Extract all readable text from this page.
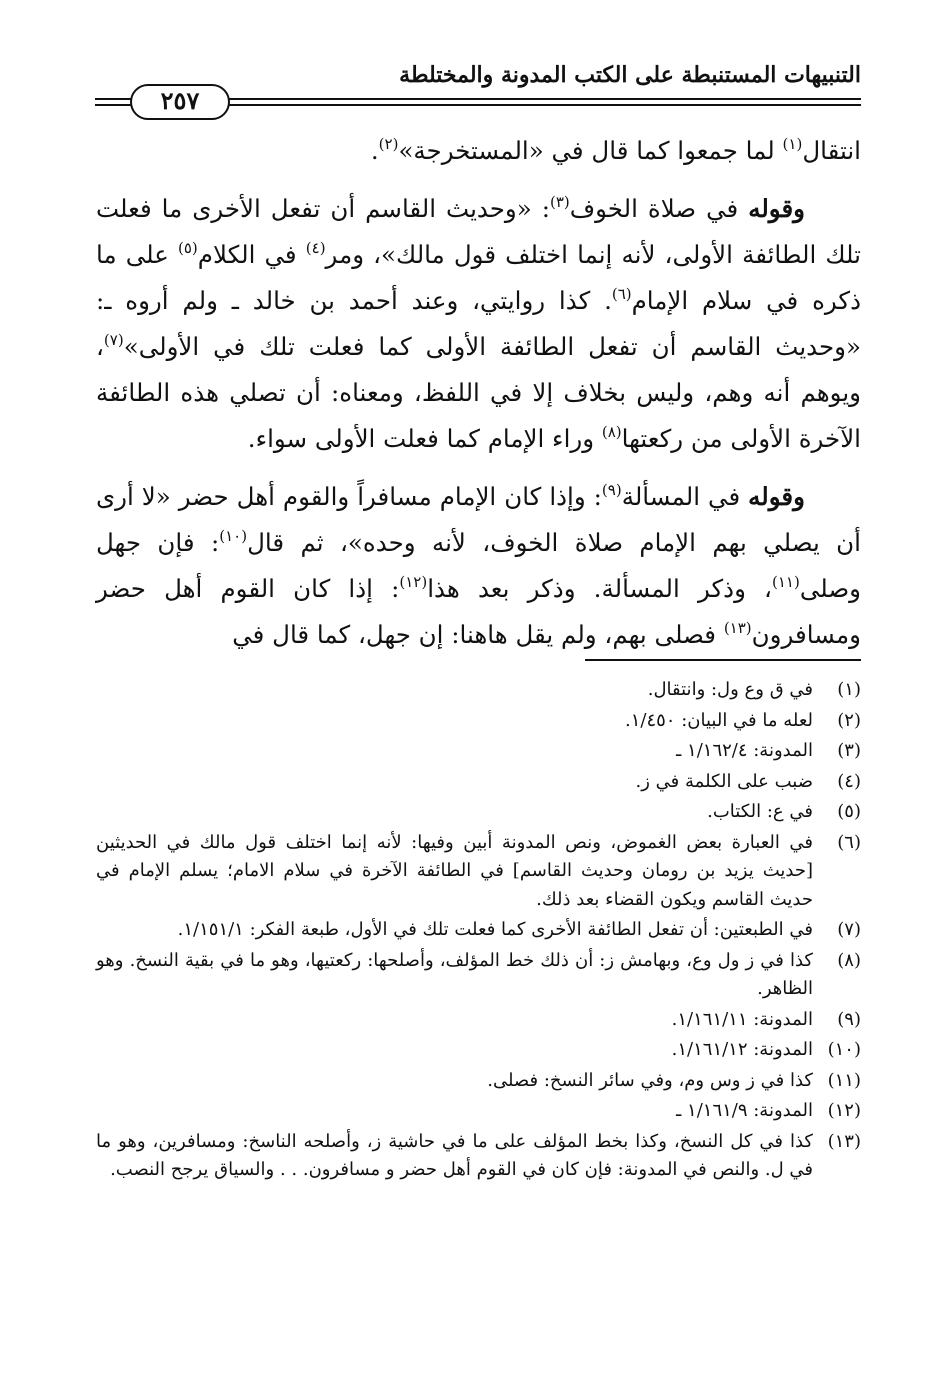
التنبيهات المستنبطة على الكتب المدونة والمختلطة
٢٥٧

انتقال$^{(١)}$ لما جمعوا كما قال في «المستخرجة»$^{(٢)}$.

وقوله في صلاة الخوف$^{(٣)}$: «وحديث القاسم أن تفعل الأخرى ما فعلت تلك الطائفة الأولى، لأنه إنما اختلف قول مالك»، ومر$^{(٤)}$ في الكلام$^{(٥)}$ على ما ذكره في سلام الإمام$^{(٦)}$. كذا روايتي، وعند أحمد بن خالد ـ ولم أروه ـ: «وحديث القاسم أن تفعل الطائفة الأولى كما فعلت تلك في الأولى»$^{(٧)}$، ويوهم أنه وهم، وليس بخلاف إلا في اللفظ، ومعناه: أن تصلي هذه الطائفة الآخرة الأولى من ركعتها$^{(٨)}$ وراء الإمام كما فعلت الأولى سواء.

وقوله في المسألة$^{(٩)}$: وإذا كان الإمام مسافراً والقوم أهل حضر «لا أرى أن يصلي بهم الإمام صلاة الخوف، لأنه وحده»، ثم قال$^{(١٠)}$: فإن جهل وصلى$^{(١١)}$، وذكر المسألة. وذكر بعد هذا$^{(١٢)}$: إذا كان القوم أهل حضر ومسافرون$^{(١٣)}$ فصلى بهم، ولم يقل هاهنا: إن جهل، كما قال في

(١)
في ق وع ول: وانتقال.
(٢)
لعله ما في البيان: ١/٤٥٠.
(٣)
المدونة: ١/١٦٢/٤ ـ
(٤)
ضبب على الكلمة في ز.
(٥)
في ع: الكتاب.
(٦)
في العبارة بعض الغموض، ونص المدونة أبين وفيها: لأنه إنما اختلف قول مالك في الحديثين [حديث يزيد بن رومان وحديث القاسم] في الطائفة الآخرة في سلام الامام؛ يسلم الإمام في حديث القاسم ويكون القضاء بعد ذلك.
(٧)
في الطبعتين: أن تفعل الطائفة الأخرى كما فعلت تلك في الأول، طبعة الفكر: ١/١٥١/١.
(٨)
كذا في ز ول وع، وبهامش ز: أن ذلك خط المؤلف، وأصلحها: ركعتيها، وهو ما في بقية النسخ. وهو الظاهر.
(٩)
المدونة: ١/١٦١/١١.
(١٠)
المدونة: ١/١٦١/١٢.
(١١)
كذا في ز وس وم، وفي سائر النسخ: فصلى.
(١٢)
المدونة: ١/١٦١/٩ ـ
(١٣)
كذا في كل النسخ، وكذا بخط المؤلف على ما في حاشية ز، وأصلحه الناسخ: ومسافرين، وهو ما في ل. والنص في المدونة: فإن كان في القوم أهل حضر و مسافرون. . . والسياق يرجح النصب.
